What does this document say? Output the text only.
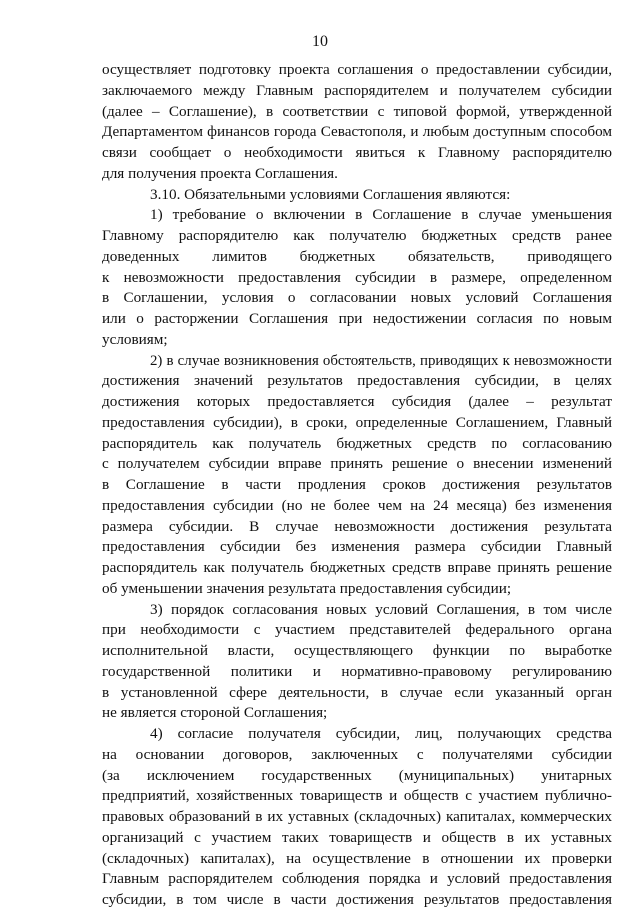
10
осуществляет подготовку проекта соглашения о предоставлении субсидии,
заключаемого между Главным распорядителем и получателем субсидии
(далее – Соглашение), в соответствии с типовой формой, утвержденной
Департаментом финансов города Севастополя, и любым доступным способом
связи сообщает о необходимости явиться к Главному распорядителю
для получения проекта Соглашения.
3.10. Обязательными условиями Соглашения являются:
1) требование о включении в Соглашение в случае уменьшения
Главному распорядителю как получателю бюджетных средств ранее
доведенных лимитов бюджетных обязательств, приводящего
к невозможности предоставления субсидии в размере, определенном
в Соглашении, условия о согласовании новых условий Соглашения
или о расторжении Соглашения при недостижении согласия по новым
условиям;
2) в случае возникновения обстоятельств, приводящих к невозможности
достижения значений результатов предоставления субсидии, в целях
достижения которых предоставляется субсидия (далее – результат
предоставления субсидии), в сроки, определенные Соглашением, Главный
распорядитель как получатель бюджетных средств по согласованию
с получателем субсидии вправе принять решение о внесении изменений
в Соглашение в части продления сроков достижения результатов
предоставления субсидии (но не более чем на 24 месяца) без изменения
размера субсидии. В случае невозможности достижения результата
предоставления субсидии без изменения размера субсидии Главный
распорядитель как получатель бюджетных средств вправе принять решение
об уменьшении значения результата предоставления субсидии;
3) порядок согласования новых условий Соглашения, в том числе
при необходимости с участием представителей федерального органа
исполнительной власти, осуществляющего функции по выработке
государственной политики и нормативно-правовому регулированию
в установленной сфере деятельности, в случае если указанный орган
не является стороной Соглашения;
4) согласие получателя субсидии, лиц, получающих средства
на основании договоров, заключенных с получателями субсидии
(за исключением государственных (муниципальных) унитарных
предприятий, хозяйственных товариществ и обществ с участием публично-
правовых образований в их уставных (складочных) капиталах, коммерческих
организаций с участием таких товариществ и обществ в их уставных
(складочных) капиталах), на осуществление в отношении их проверки
Главным распорядителем соблюдения порядка и условий предоставления
субсидии, в том числе в части достижения результатов предоставления
